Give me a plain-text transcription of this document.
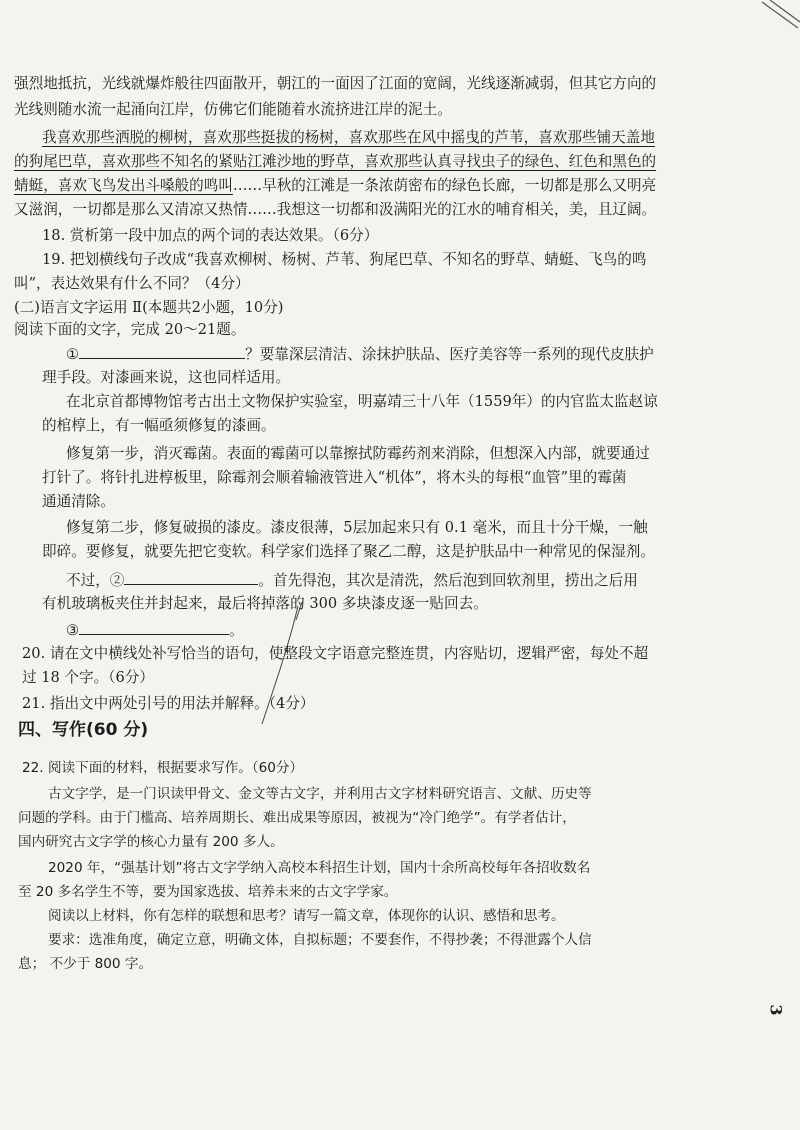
强烈地抵抗，光线就爆炸般往四面散开，朝江的一面因了江面的宽阔，光线逐渐减弱，但其它方向的
光线则随水流一起涌向江岸，仿佛它们能随着水流挤进江岸的泥土。
我喜欢那些洒脱的柳树，喜欢那些挺拔的杨树，喜欢那些在风中摇曳的芦苇，喜欢那些铺天盖地
的狗尾巴草，喜欢那些不知名的紧贴江滩沙地的野草，喜欢那些认真寻找虫子的绿色、红色和黑色的
蜻蜓，喜欢飞鸟发出斗嗓般的鸣叫……早秋的江滩是一条浓荫密布的绿色长廊，一切都是那么又明亮
又滋润，一切都是那么又清凉又热情……我想这一切都和汲满阳光的江水的哺育相关，美，且辽阔。
18. 赏析第一段中加点的两个词的表达效果。（6分）
19. 把划横线句子改成“我喜欢柳树、杨树、芦苇、狗尾巴草、不知名的野草、蜻蜓、飞鸟的鸣
叫”，表达效果有什么不同？（4分）
(二)语言文字运用 Ⅱ(本题共2小题，10分)
阅读下面的文字，完成 20～21题。
①	？要靠深层清洁、涂抹护肤品、医疗美容等一系列的现代皮肤护
理手段。对漆画来说，这也同样适用。
在北京首都博物馆考古出土文物保护实验室，明嘉靖三十八年（1559年）的内官监太监赵谅
的棺椁上，有一幅亟须修复的漆画。
修复第一步，消灭霉菌。表面的霉菌可以靠擦拭防霉药剂来消除，但想深入内部，就要通过
打针了。将针扎进椁板里，除霉剂会顺着输液管进入“机体”，将木头的每根“血管”里的霉菌
通通清除。
修复第二步，修复破损的漆皮。漆皮很薄，5层加起来只有 0.1 毫米，而且十分干燥，一触
即碎。要修复，就要先把它变软。科学家们选择了聚乙二醇，这是护肤品中一种常见的保湿剂。
不过，②	。首先得泡，其次是清洗，然后泡到回软剂里，捞出之后用
有机玻璃板夹住并封起来，最后将掉落的 300 多块漆皮逐一贴回去。
③	。
20. 请在文中横线处补写恰当的语句，使整段文字语意完整连贯，内容贴切，逻辑严密，每处不超
过 18 个字。（6分）
21. 指出文中两处引号的用法并解释。（4分）
四、写作(60 分)
22. 阅读下面的材料，根据要求写作。（60分）
古文字学，是一门识读甲骨文、金文等古文字，并利用古文字材料研究语言、文献、历史等
问题的学科。由于门槛高、培养周期长、难出成果等原因，被视为“冷门绝学”。有学者估计，
国内研究古文字学的核心力量有 200 多人。
2020 年，“强基计划”将古文字学纳入高校本科招生计划，国内十余所高校每年各招收数名
至 20 多名学生不等，要为国家选拔、培养未来的古文字学家。
阅读以上材料，你有怎样的联想和思考？请写一篇文章，体现你的认识、感悟和思考。
要求：选准角度，确定立意，明确文体，自拟标题；不要套作，不得抄袭；不得泄露个人信
息； 不少于 800 字。
3
